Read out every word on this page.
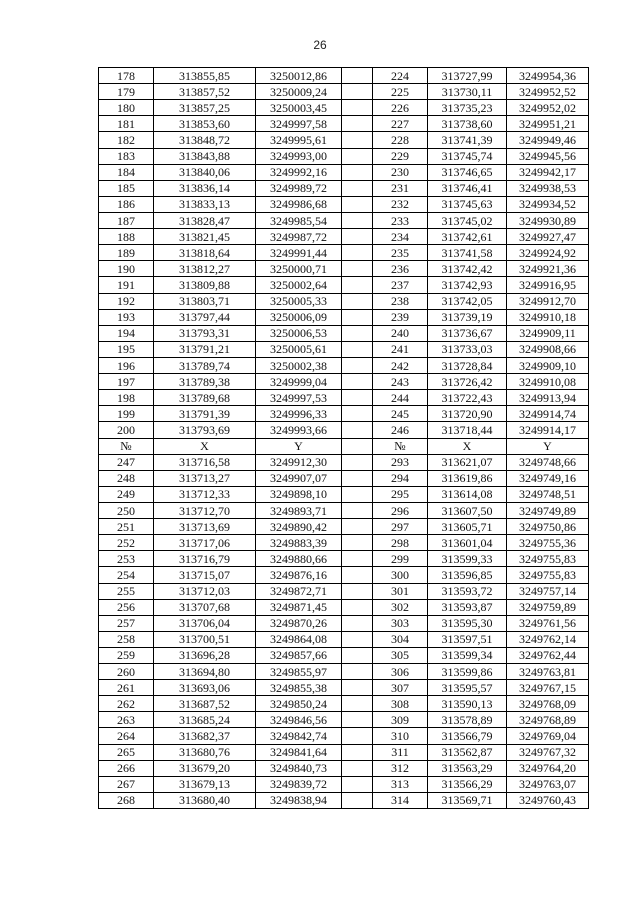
26
178	313855,85	3250012,86		224	313727,99	3249954,36
179	313857,52	3250009,24		225	313730,11	3249952,52
180	313857,25	3250003,45		226	313735,23	3249952,02
181	313853,60	3249997,58		227	313738,60	3249951,21
182	313848,72	3249995,61		228	313741,39	3249949,46
183	313843,88	3249993,00		229	313745,74	3249945,56
184	313840,06	3249992,16		230	313746,65	3249942,17
185	313836,14	3249989,72		231	313746,41	3249938,53
186	313833,13	3249986,68		232	313745,63	3249934,52
187	313828,47	3249985,54		233	313745,02	3249930,89
188	313821,45	3249987,72		234	313742,61	3249927,47
189	313818,64	3249991,44		235	313741,58	3249924,92
190	313812,27	3250000,71		236	313742,42	3249921,36
191	313809,88	3250002,64		237	313742,93	3249916,95
192	313803,71	3250005,33		238	313742,05	3249912,70
193	313797,44	3250006,09		239	313739,19	3249910,18
194	313793,31	3250006,53		240	313736,67	3249909,11
195	313791,21	3250005,61		241	313733,03	3249908,66
196	313789,74	3250002,38		242	313728,84	3249909,10
197	313789,38	3249999,04		243	313726,42	3249910,08
198	313789,68	3249997,53		244	313722,43	3249913,94
199	313791,39	3249996,33		245	313720,90	3249914,74
200	313793,69	3249993,66		246	313718,44	3249914,17
№	X	Y		№	X	Y
247	313716,58	3249912,30		293	313621,07	3249748,66
248	313713,27	3249907,07		294	313619,86	3249749,16
249	313712,33	3249898,10		295	313614,08	3249748,51
250	313712,70	3249893,71		296	313607,50	3249749,89
251	313713,69	3249890,42		297	313605,71	3249750,86
252	313717,06	3249883,39		298	313601,04	3249755,36
253	313716,79	3249880,66		299	313599,33	3249755,83
254	313715,07	3249876,16		300	313596,85	3249755,83
255	313712,03	3249872,71		301	313593,72	3249757,14
256	313707,68	3249871,45		302	313593,87	3249759,89
257	313706,04	3249870,26		303	313595,30	3249761,56
258	313700,51	3249864,08		304	313597,51	3249762,14
259	313696,28	3249857,66		305	313599,34	3249762,44
260	313694,80	3249855,97		306	313599,86	3249763,81
261	313693,06	3249855,38		307	313595,57	3249767,15
262	313687,52	3249850,24		308	313590,13	3249768,09
263	313685,24	3249846,56		309	313578,89	3249768,89
264	313682,37	3249842,74		310	313566,79	3249769,04
265	313680,76	3249841,64		311	313562,87	3249767,32
266	313679,20	3249840,73		312	313563,29	3249764,20
267	313679,13	3249839,72		313	313566,29	3249763,07
268	313680,40	3249838,94		314	313569,71	3249760,43
